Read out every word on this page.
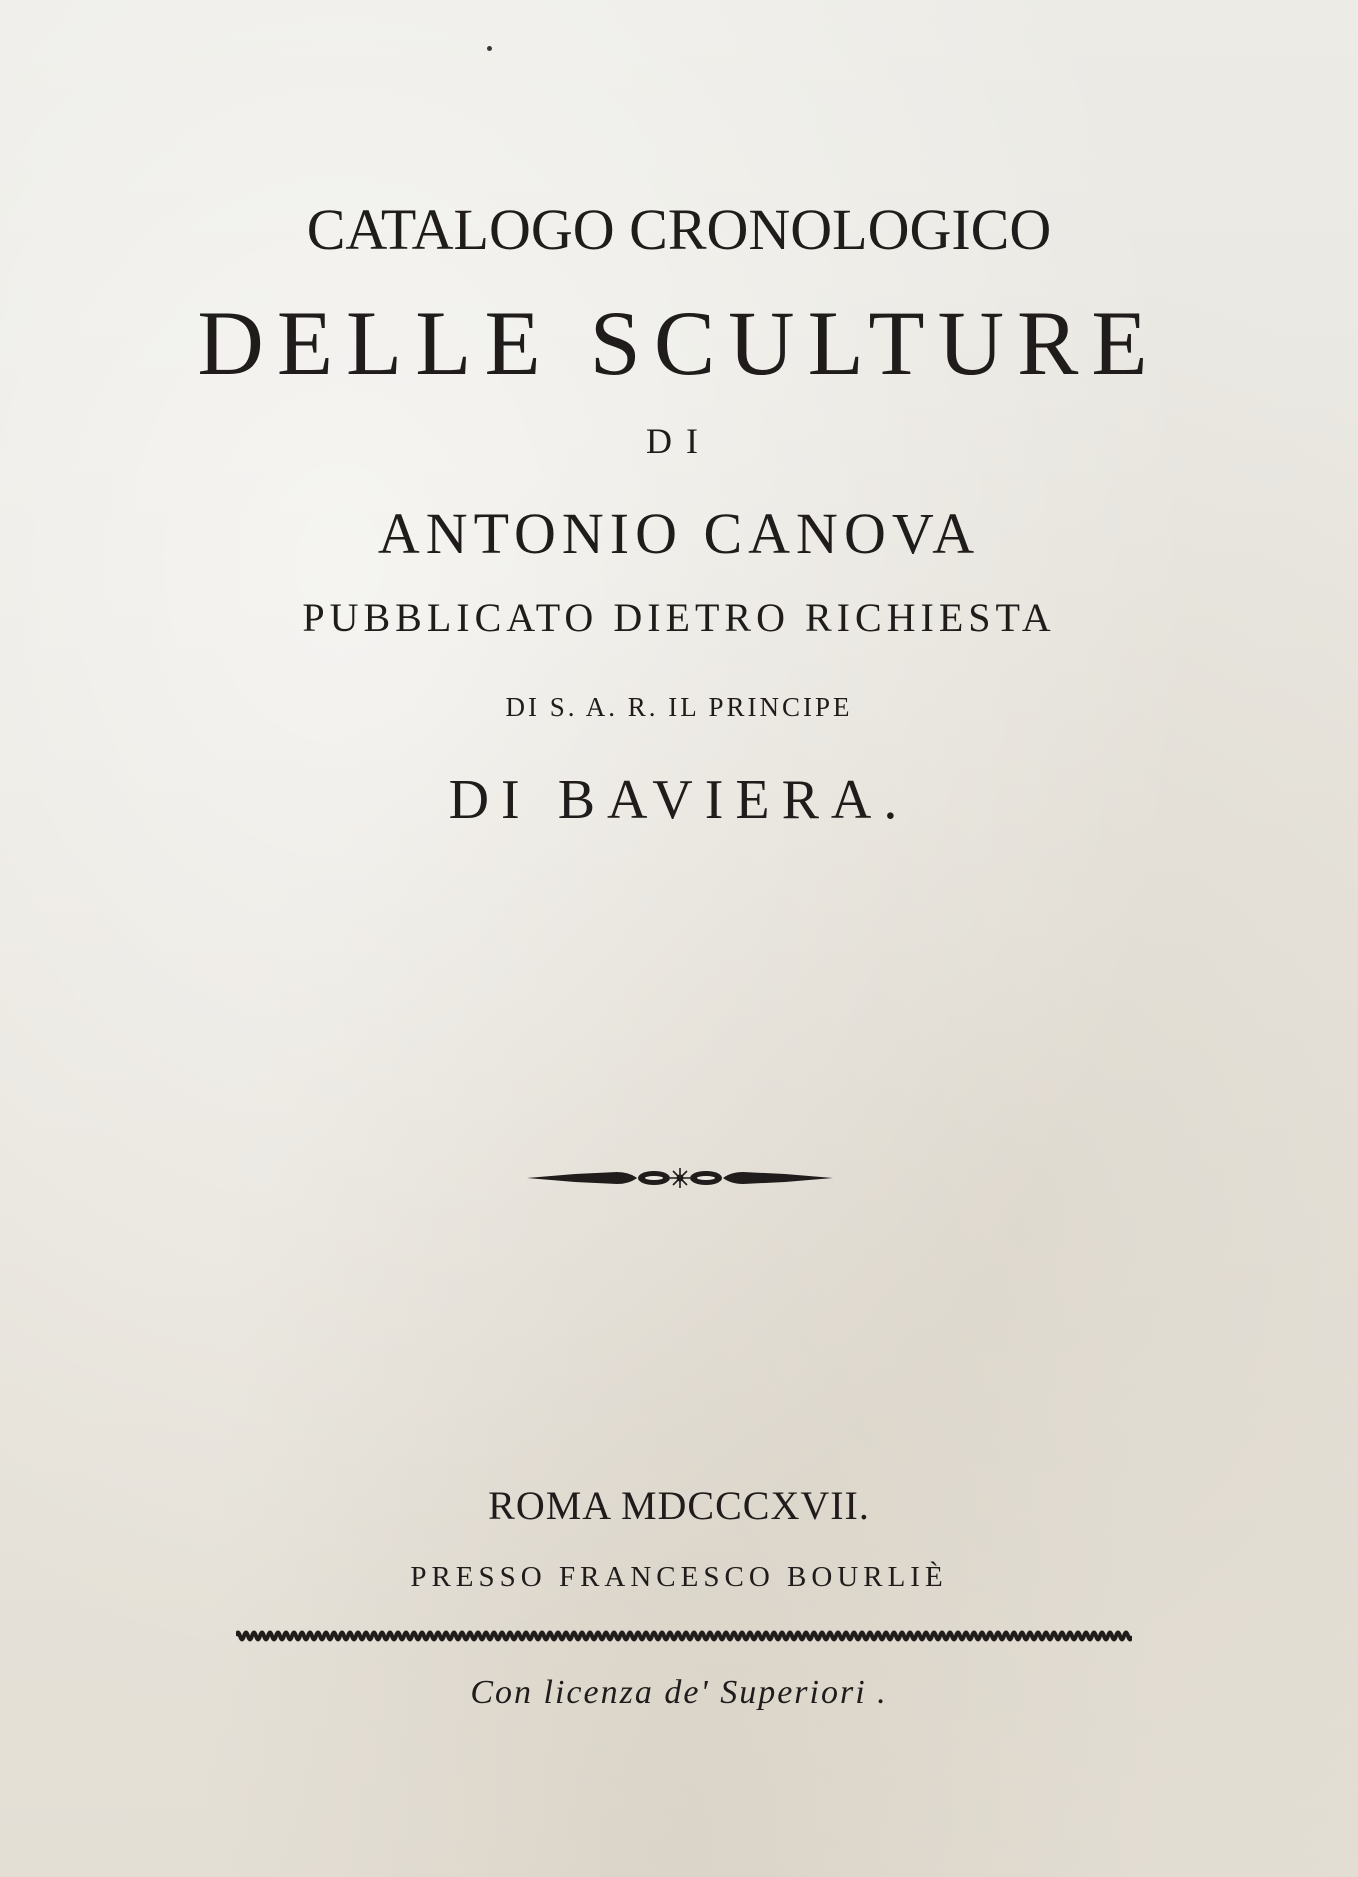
CATALOGO CRONOLOGICO
DELLE SCULTURE
DI
ANTONIO CANOVA
PUBBLICATO DIETRO RICHIESTA
DI S. A. R. IL PRINCIPE
DI BAVIERA.
ROMA MDCCCXVII.
PRESSO FRANCESCO BOURLIÈ
Con licenza de' Superiori .
